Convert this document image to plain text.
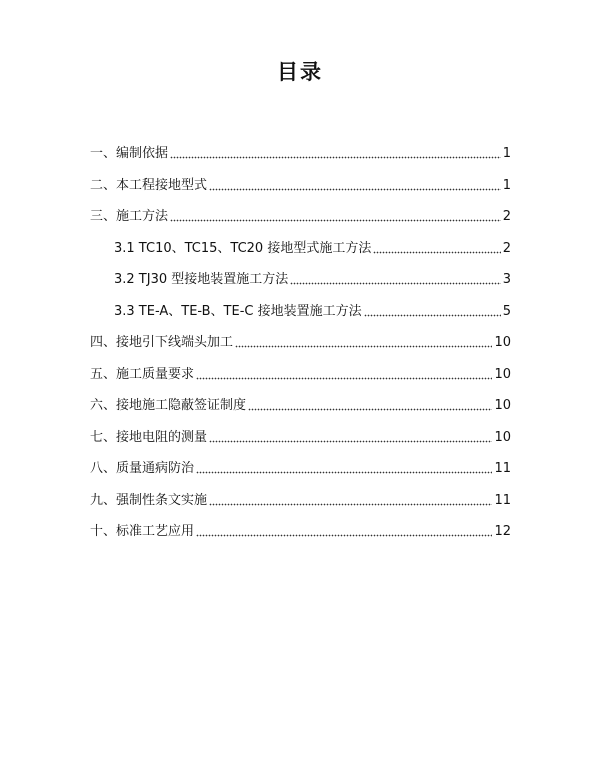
目录
一、编制依据	1
二、本工程接地型式	1
三、施工方法	2
3.1 TC10、TC15、TC20 接地型式施工方法	2
3.2 TJ30 型接地装置施工方法	3
3.3 TE-A、TE-B、TE-C 接地装置施工方法	5
四、接地引下线端头加工	10
五、施工质量要求	10
六、接地施工隐蔽签证制度	10
七、接地电阻的测量	10
八、质量通病防治	11
九、强制性条文实施	11
十、标准工艺应用	12
